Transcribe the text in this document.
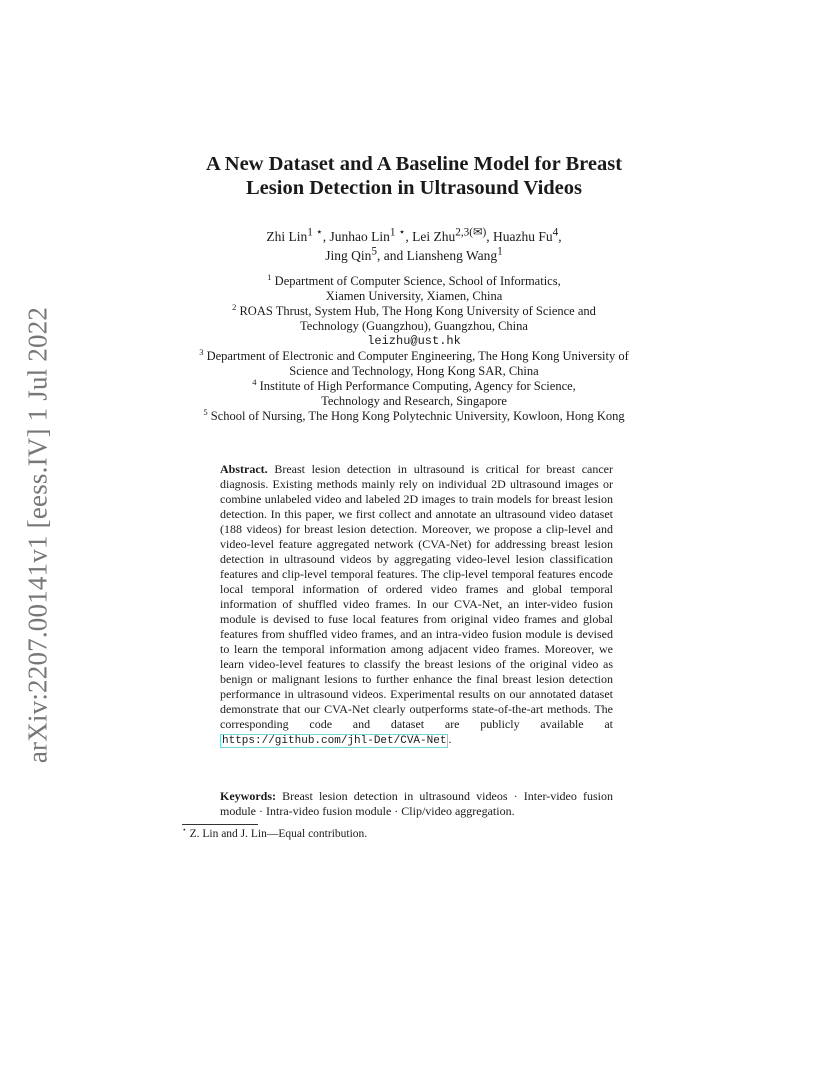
arXiv:2207.00141v1 [eess.IV] 1 Jul 2022
A New Dataset and A Baseline Model for Breast
Lesion Detection in Ultrasound Videos
Zhi Lin$^{1 ⋆}$, Junhao Lin$^{1 ⋆}$, Lei Zhu$^{2,3(✉)}$, Huazhu Fu$^4$,
Jing Qin$^5$, and Liansheng Wang$^1$
$^1$ Department of Computer Science, School of Informatics,
Xiamen University, Xiamen, China
$^2$ ROAS Thrust, System Hub, The Hong Kong University of Science and
Technology (Guangzhou), Guangzhou, China
leizhu@ust.hk
$^3$ Department of Electronic and Computer Engineering, The Hong Kong University of
Science and Technology, Hong Kong SAR, China
$^4$ Institute of High Performance Computing, Agency for Science,
Technology and Research, Singapore
$^5$ School of Nursing, The Hong Kong Polytechnic University, Kowloon, Hong Kong
Abstract. Breast lesion detection in ultrasound is critical for breast cancer diagnosis. Existing methods mainly rely on individual 2D ultrasound images or combine unlabeled video and labeled 2D images to train models for breast lesion detection. In this paper, we first collect and annotate an ultrasound video dataset (188 videos) for breast lesion detection. Moreover, we propose a clip-level and video-level feature aggregated network (CVA-Net) for addressing breast lesion detection in ultrasound videos by aggregating video-level lesion classification features and clip-level temporal features. The clip-level temporal features encode local temporal information of ordered video frames and global temporal information of shuffled video frames. In our CVA-Net, an inter-video fusion module is devised to fuse local features from original video frames and global features from shuffled video frames, and an intra-video fusion module is devised to learn the temporal information among adjacent video frames. Moreover, we learn video-level features to classify the breast lesions of the original video as benign or malignant lesions to further enhance the final breast lesion detection performance in ultrasound videos. Experimental results on our annotated dataset demonstrate that our CVA-Net clearly outperforms state-of-the-art methods. The corresponding code and dataset are publicly available at https://github.com/jhl-Det/CVA-Net .
Keywords: Breast lesion detection in ultrasound videos · Inter-video fusion module · Intra-video fusion module · Clip/video aggregation.
⋆ Z. Lin and J. Lin—Equal contribution.
